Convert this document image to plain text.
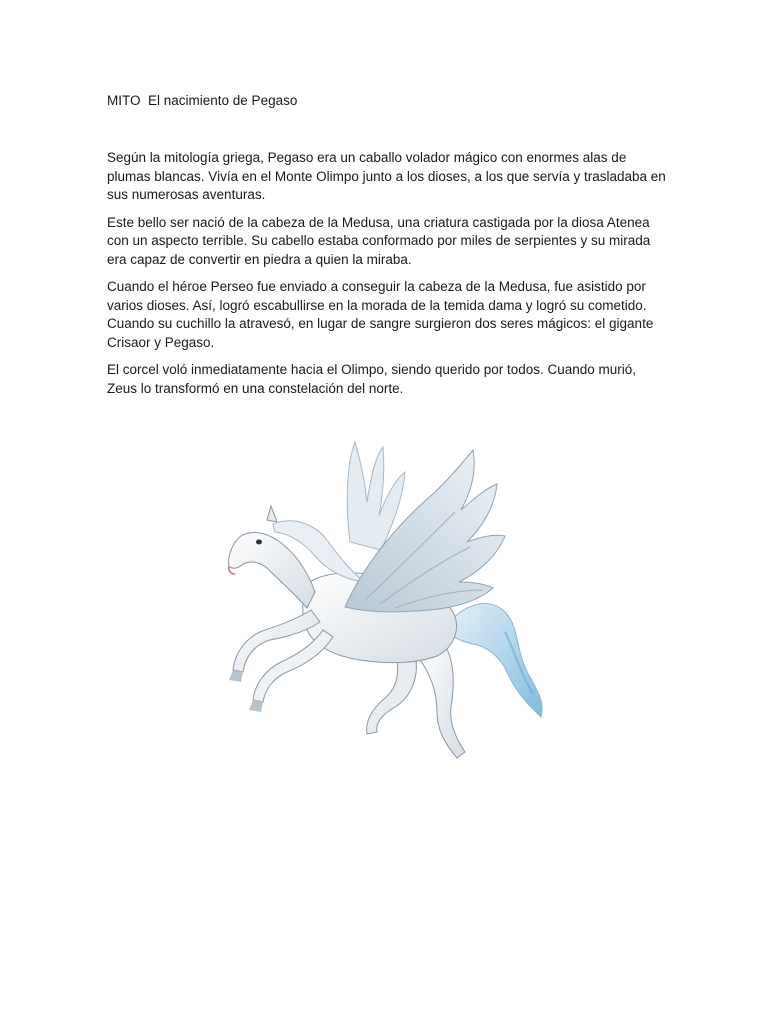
MITO  El nacimiento de Pegaso

Según la mitología griega, Pegaso era un caballo volador mágico con enormes alas de plumas blancas. Vivía en el Monte Olimpo junto a los dioses, a los que servía y trasladaba en sus numerosas aventuras.

Este bello ser nació de la cabeza de la Medusa, una criatura castigada por la diosa Atenea con un aspecto terrible. Su cabello estaba conformado por miles de serpientes y su mirada era capaz de convertir en piedra a quien la miraba.

Cuando el héroe Perseo fue enviado a conseguir la cabeza de la Medusa, fue asistido por varios dioses. Así, logró escabullirse en la morada de la temida dama y logró su cometido. Cuando su cuchillo la atravesó, en lugar de sangre surgieron dos seres mágicos: el gigante Crisaor y Pegaso.

El corcel voló inmediatamente hacia el Olimpo, siendo querido por todos. Cuando murió, Zeus lo transformó en una constelación del norte.
